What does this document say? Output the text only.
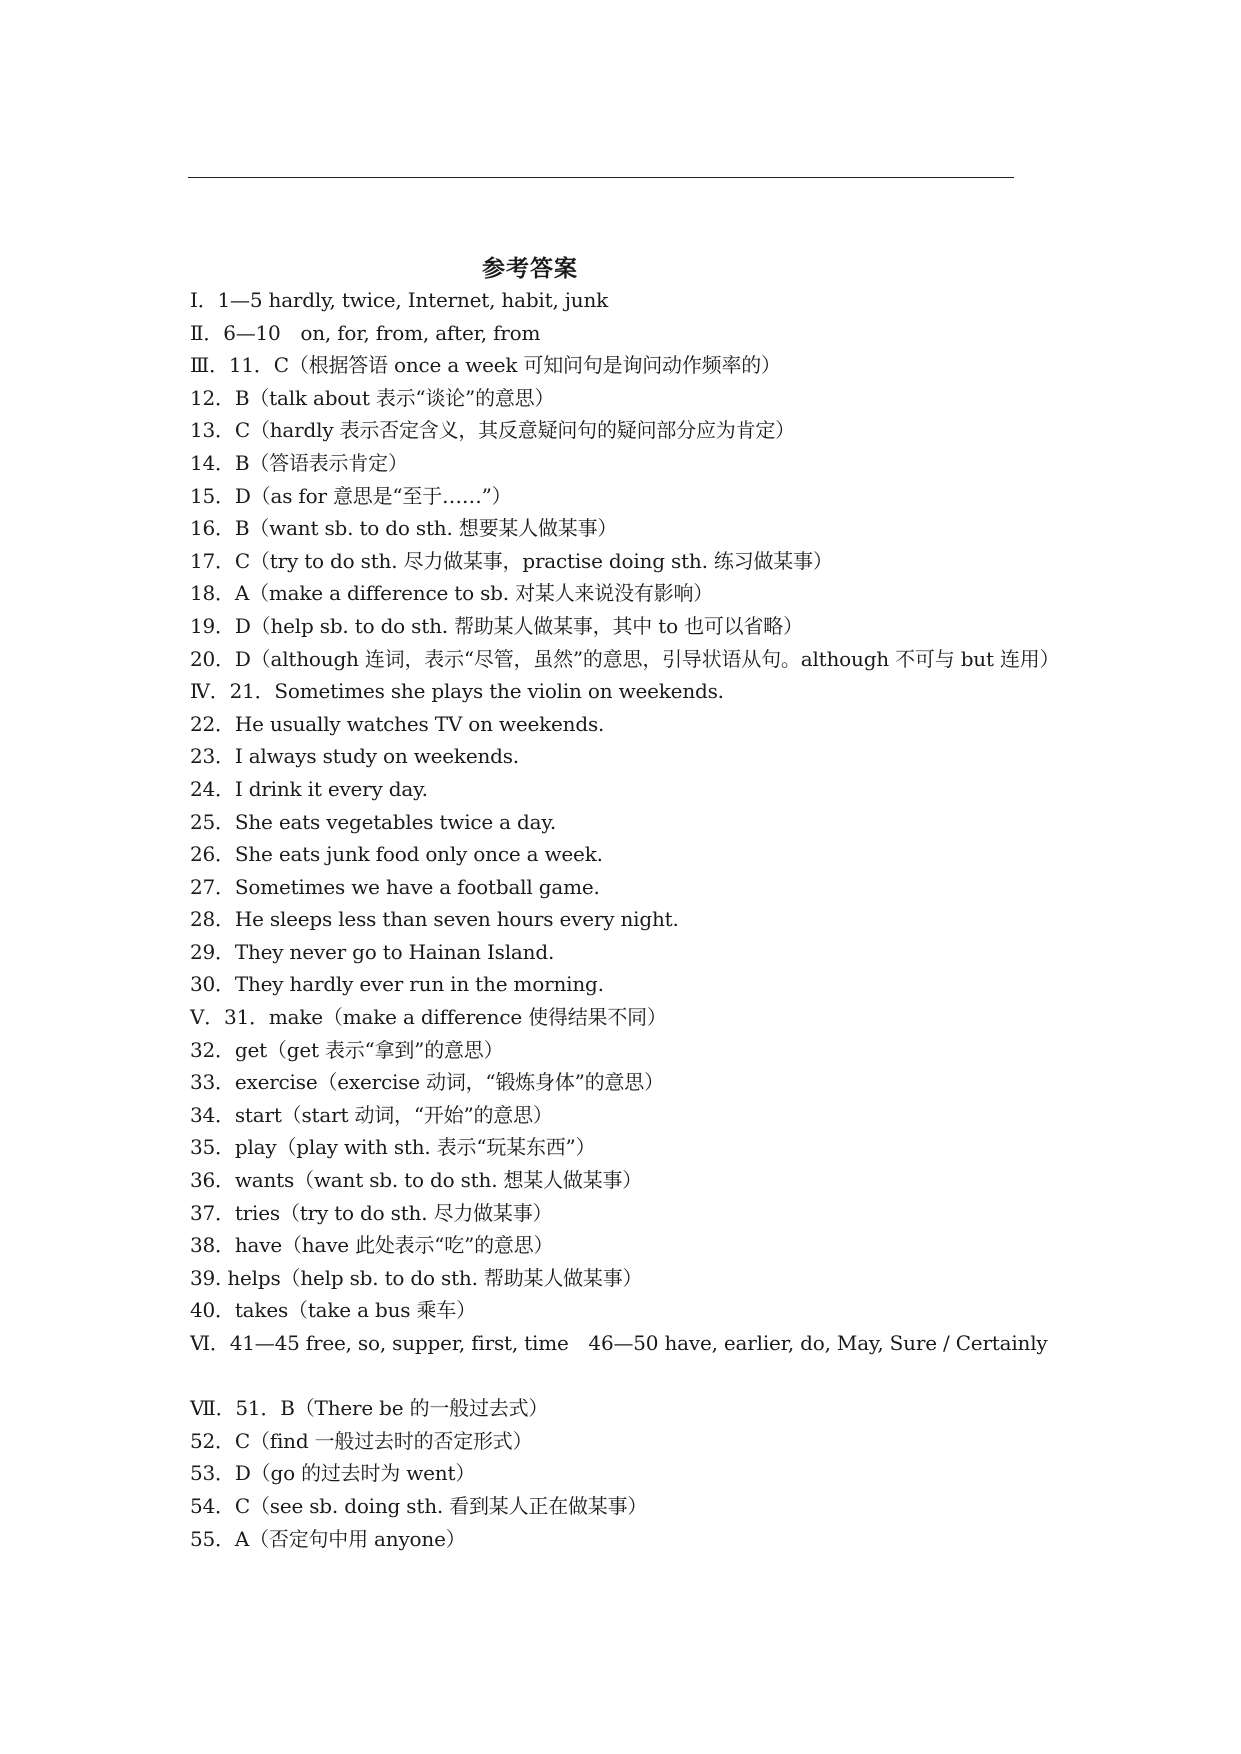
参考答案
Ⅰ．1—5 hardly, twice, Internet, habit, junk
Ⅱ．6—10　on, for, from, after, from
Ⅲ．11．C（根据答语 once a week 可知问句是询问动作频率的）
12．B（talk about 表示“谈论”的意思）
13．C（hardly 表示否定含义，其反意疑问句的疑问部分应为肯定）
14．B（答语表示肯定）
15．D（as for 意思是“至于……”）
16．B（want sb. to do sth. 想要某人做某事）
17．C（try to do sth. 尽力做某事，practise doing sth. 练习做某事）
18．A（make a difference to sb. 对某人来说没有影响）
19．D（help sb. to do sth. 帮助某人做某事，其中 to 也可以省略）
20．D（although 连词，表示“尽管，虽然”的意思，引导状语从句。although 不可与 but 连用）
Ⅳ．21．Sometimes she plays the violin on weekends.
22．He usually watches TV on weekends.
23．I always study on weekends.
24．I drink it every day.
25．She eats vegetables twice a day.
26．She eats junk food only once a week.
27．Sometimes we have a football game.
28．He sleeps less than seven hours every night.
29．They never go to Hainan Island.
30．They hardly ever run in the morning.
Ⅴ．31．make（make a difference 使得结果不同）
32．get（get 表示“拿到”的意思）
33．exercise（exercise 动词，“锻炼身体”的意思）
34．start（start 动词，“开始”的意思）
35．play（play with sth. 表示“玩某东西”）
36．wants（want sb. to do sth. 想某人做某事）
37．tries（try to do sth. 尽力做某事）
38．have（have 此处表示“吃”的意思）
39. helps（help sb. to do sth. 帮助某人做某事）
40．takes（take a bus 乘车）
Ⅵ．41—45 free, so, supper, first, time　46—50 have, earlier, do, May, Sure / Certainly
Ⅶ．51．B（There be 的一般过去式）
52．C（find 一般过去时的否定形式）
53．D（go 的过去时为 went）
54．C（see sb. doing sth. 看到某人正在做某事）
55．A（否定句中用 anyone）
